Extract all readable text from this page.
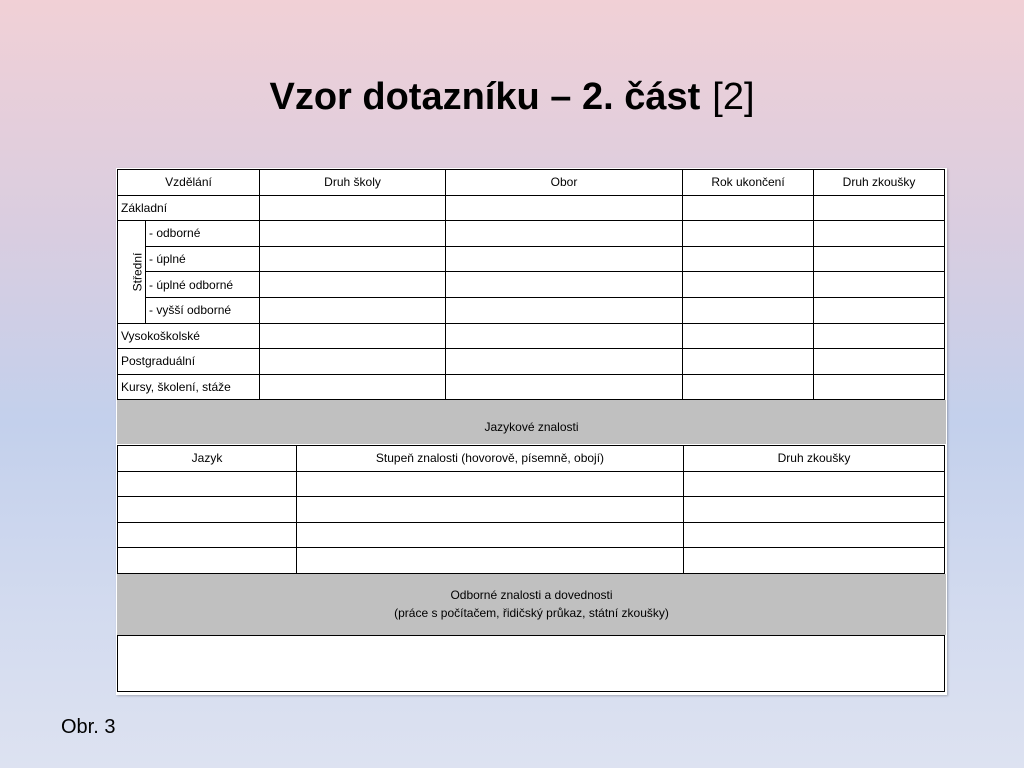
Vzor dotazníku – 2. část [2]
Vzdělání		Druh školy	Obor	Rok ukončení	Druh zkoušky
Základní					
Střední	- odborné				
	- úplné				
	- úplné odborné				
	- vyšší odborné				
Vysokoškolské					
Postgraduální					
Kursy, školení, stáže					
Jazykové znalosti
Jazyk	Stupeň znalosti (hovorově, písemně, obojí)	Druh zkoušky

Odborné znalosti a dovednosti
(práce s počítačem, řidičský průkaz, státní zkoušky)
Obr. 3
